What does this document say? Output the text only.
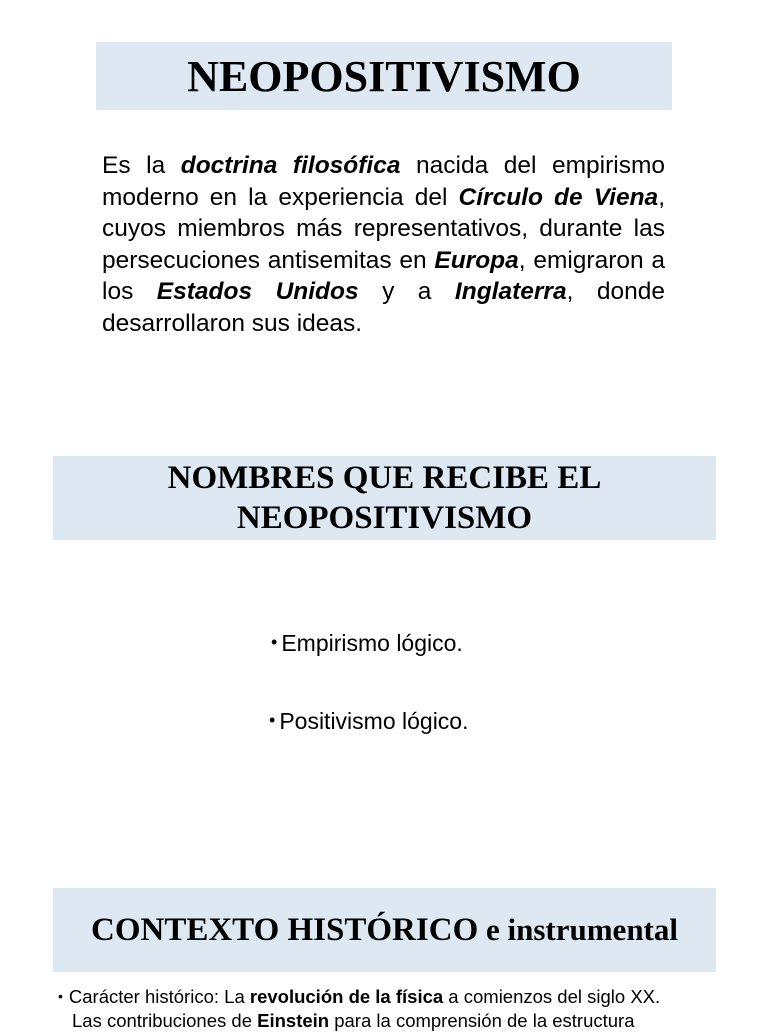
NEOPOSITIVISMO

Es la doctrina filosófica nacida del empirismo moderno en la experiencia del Círculo de Viena, cuyos miembros más representativos, durante las persecuciones antisemitas en Europa, emigraron a los Estados Unidos y a Inglaterra, donde desarrollaron sus ideas.

NOMBRES QUE RECIBE EL
NEOPOSITIVISMO
• Empirismo lógico.
• Positivismo lógico.
CONTEXTO HISTÓRICO e instrumental

• Carácter histórico: La revolución de la física a comienzos del siglo XX.
Las contribuciones de Einstein para la comprensión de la estructura
